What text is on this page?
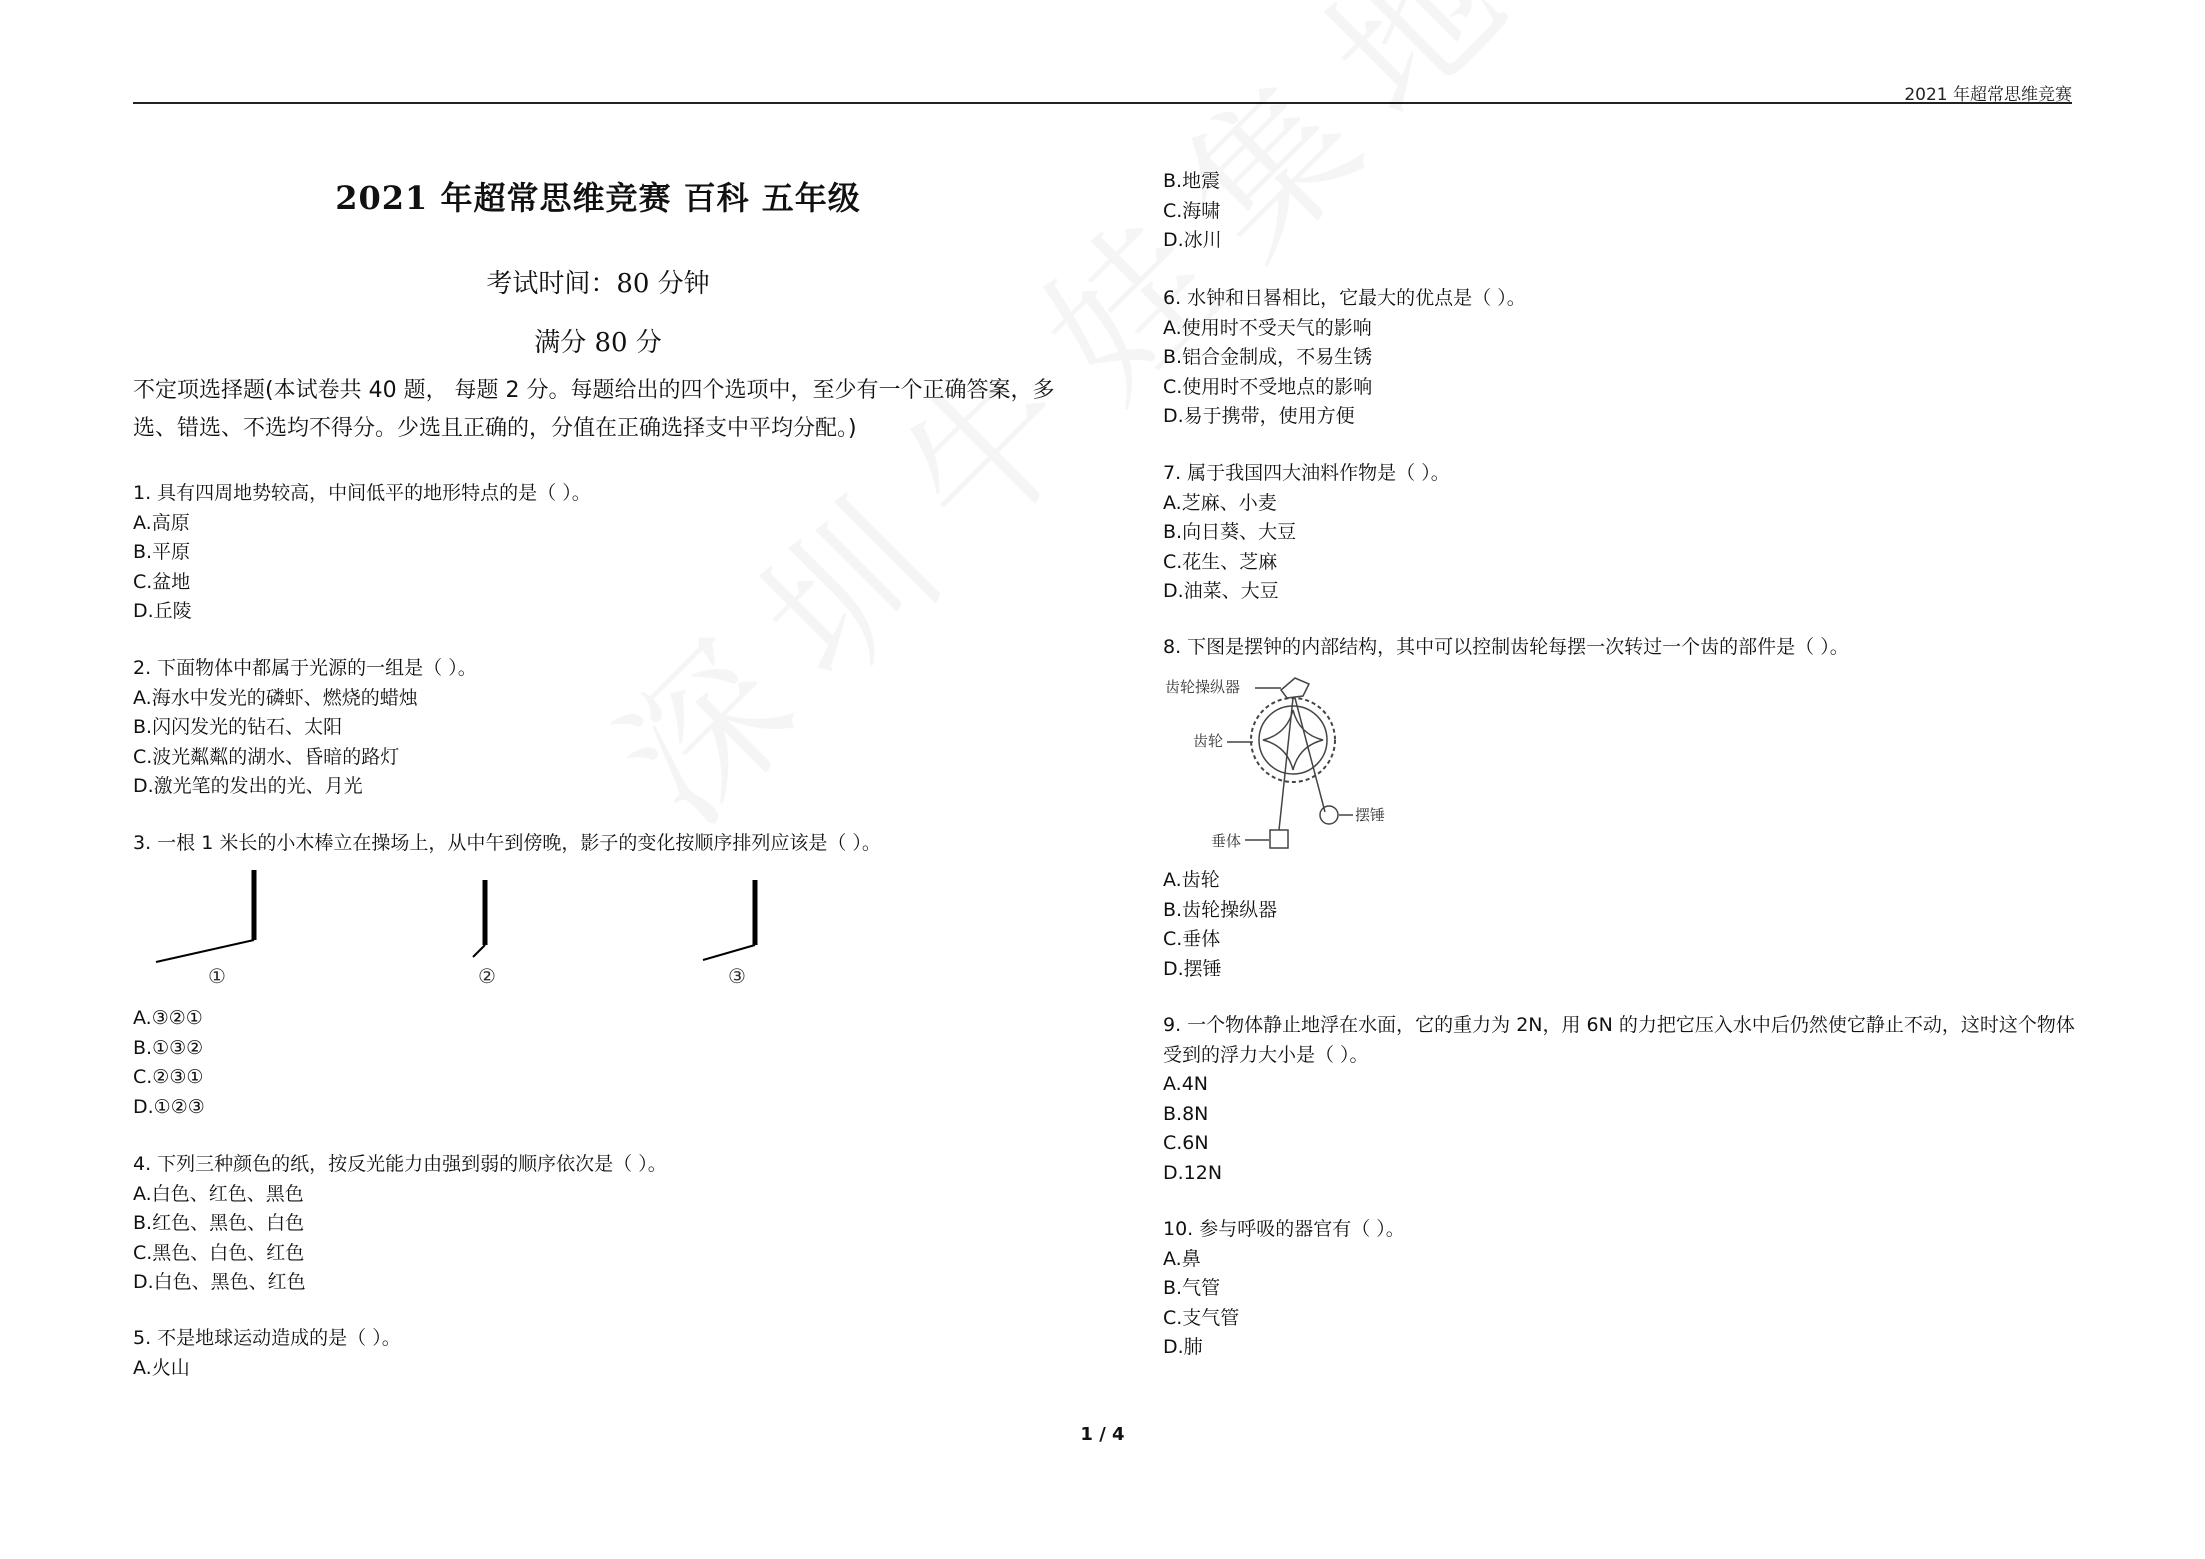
2021 年超常思维竞赛
2021 年超常思维竞赛 百科 五年级
考试时间：80 分钟
满分 80 分
不定项选择题(本试卷共 40 题， 每题 2 分。每题给出的四个选项中，至少有一个正确答案，多选、错选、不选均不得分。少选且正确的，分值在正确选择支中平均分配。)
1. 具有四周地势较高，中间低平的地形特点的是（ ）。
A.高原
B.平原
C.盆地
D.丘陵
2. 下面物体中都属于光源的一组是（ ）。
A.海水中发光的磷虾、燃烧的蜡烛
B.闪闪发光的钻石、太阳
C.波光粼粼的湖水、昏暗的路灯
D.激光笔的发出的光、月光
3. 一根 1 米长的小木棒立在操场上，从中午到傍晚，影子的变化按顺序排列应该是（ ）。
①	②	③
A.③②①
B.①③②
C.②③①
D.①②③
4. 下列三种颜色的纸，按反光能力由强到弱的顺序依次是（ ）。
A.白色、红色、黑色
B.红色、黑色、白色
C.黑色、白色、红色
D.白色、黑色、红色
5. 不是地球运动造成的是（ ）。
A.火山
B.地震
C.海啸
D.冰川
6. 水钟和日晷相比，它最大的优点是（ ）。
A.使用时不受天气的影响
B.铝合金制成，不易生锈
C.使用时不受地点的影响
D.易于携带，使用方便
7. 属于我国四大油料作物是（ ）。
A.芝麻、小麦
B.向日葵、大豆
C.花生、芝麻
D.油菜、大豆
8. 下图是摆钟的内部结构，其中可以控制齿轮每摆一次转过一个齿的部件是（ ）。
齿轮操纵器
齿轮
摆锤
垂体
A.齿轮
B.齿轮操纵器
C.垂体
D.摆锤
9. 一个物体静止地浮在水面，它的重力为 2N，用 6N 的力把它压入水中后仍然使它静止不动，这时这个物体受到的浮力大小是（ ）。
A.4N
B.8N
C.6N
D.12N
10. 参与呼吸的器官有（ ）。
A.鼻
B.气管
C.支气管
D.肺
1 / 4
